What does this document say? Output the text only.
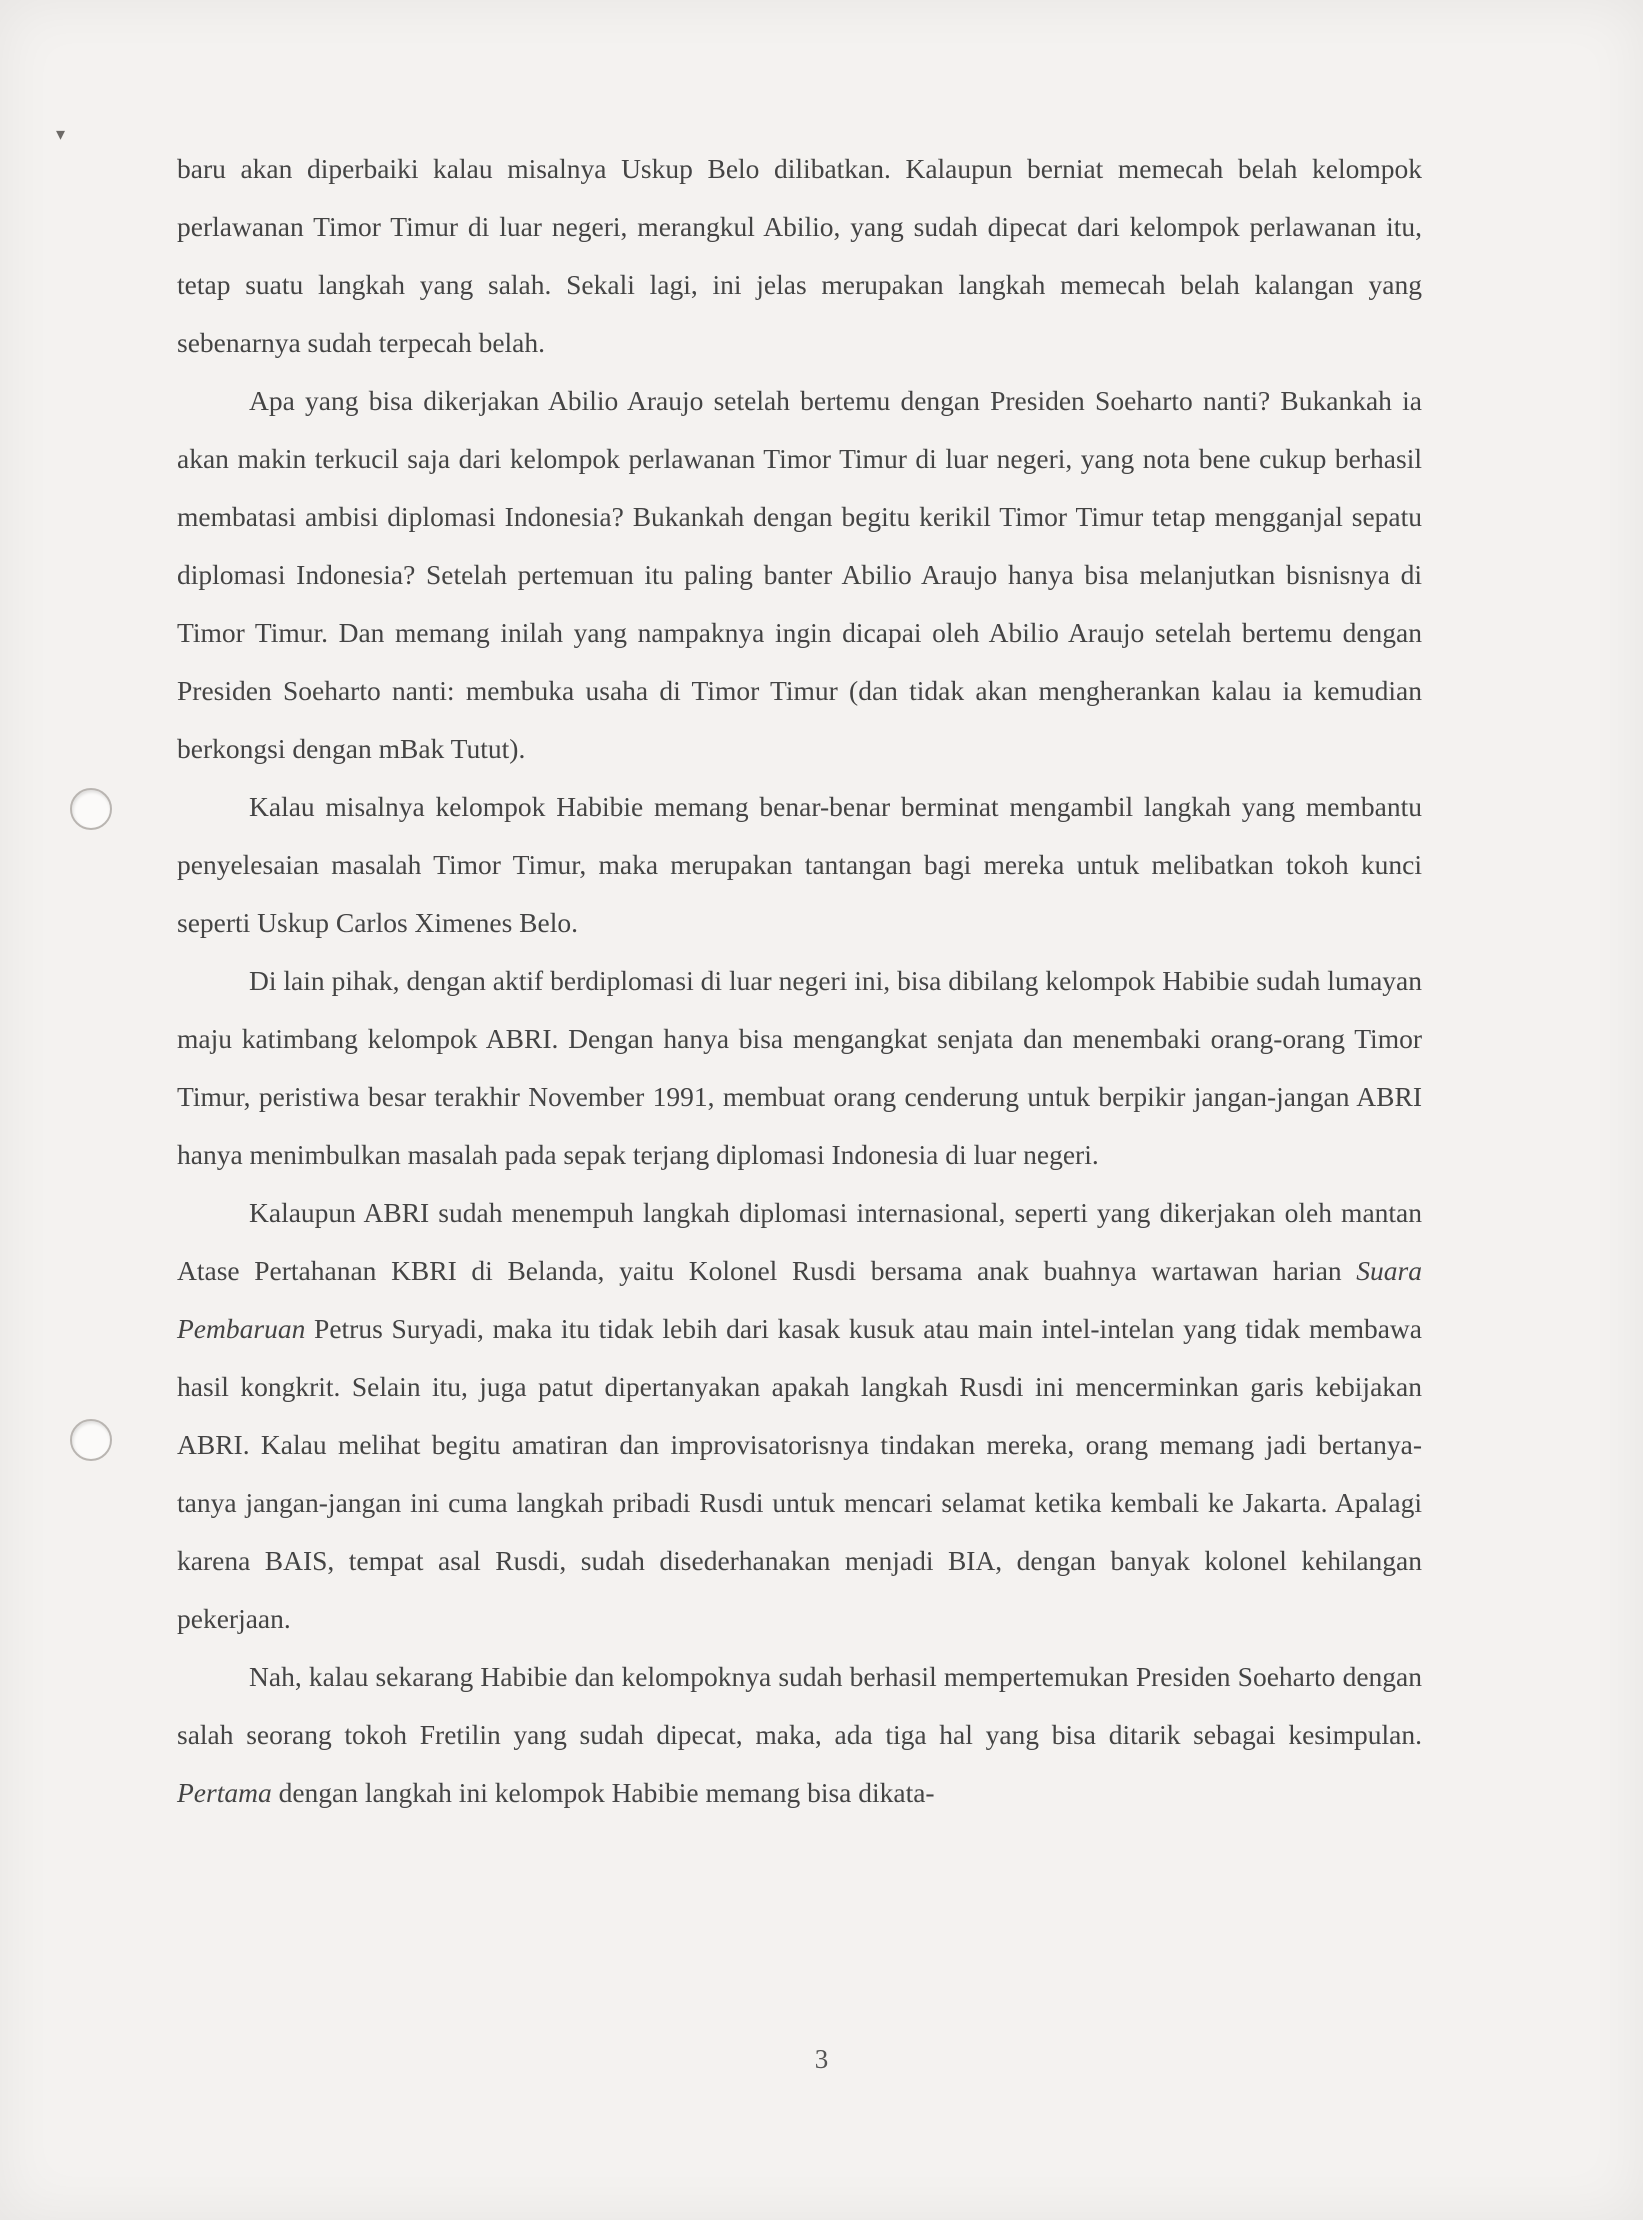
▾

baru akan diperbaiki kalau misalnya Uskup Belo dilibatkan. Kalaupun berniat memecah belah kelompok perlawanan Timor Timur di luar negeri, merangkul Abilio, yang sudah dipecat dari kelompok perlawanan itu, tetap suatu langkah yang salah. Sekali lagi, ini jelas merupakan langkah memecah belah kalangan yang sebenarnya sudah terpecah belah.

Apa yang bisa dikerjakan Abilio Araujo setelah bertemu dengan Presiden Soeharto nanti? Bukankah ia akan makin terkucil saja dari kelompok perlawanan Timor Timur di luar negeri, yang nota bene cukup berhasil membatasi ambisi diplomasi Indonesia? Bukankah dengan begitu kerikil Timor Timur tetap mengganjal sepatu diplomasi Indonesia? Setelah pertemuan itu paling banter Abilio Araujo hanya bisa melanjutkan bisnisnya di Timor Timur. Dan memang inilah yang nampaknya ingin dicapai oleh Abilio Araujo setelah bertemu dengan Presiden Soeharto nanti: membuka usaha di Timor Timur (dan tidak akan mengherankan kalau ia kemudian berkongsi dengan mBak Tutut).

Kalau misalnya kelompok Habibie memang benar-benar berminat mengambil langkah yang membantu penyelesaian masalah Timor Timur, maka merupakan tantangan bagi mereka untuk melibatkan tokoh kunci seperti Uskup Carlos Ximenes Belo.

Di lain pihak, dengan aktif berdiplomasi di luar negeri ini, bisa dibilang kelompok Habibie sudah lumayan maju katimbang kelompok ABRI. Dengan hanya bisa mengangkat senjata dan menembaki orang-orang Timor Timur, peristiwa besar terakhir November 1991, membuat orang cenderung untuk berpikir jangan-jangan ABRI hanya menimbulkan masalah pada sepak terjang diplomasi Indonesia di luar negeri.

Kalaupun ABRI sudah menempuh langkah diplomasi internasional, seperti yang dikerjakan oleh mantan Atase Pertahanan KBRI di Belanda, yaitu Kolonel Rusdi bersama anak buahnya wartawan harian Suara Pembaruan Petrus Suryadi, maka itu tidak lebih dari kasak kusuk atau main intel-intelan yang tidak membawa hasil kongkrit. Selain itu, juga patut dipertanyakan apakah langkah Rusdi ini mencerminkan garis kebijakan ABRI. Kalau melihat begitu amatiran dan improvisatorisnya tindakan mereka, orang memang jadi bertanya-tanya jangan-jangan ini cuma langkah pribadi Rusdi untuk mencari selamat ketika kembali ke Jakarta. Apalagi karena BAIS, tempat asal Rusdi, sudah disederhanakan menjadi BIA, dengan banyak kolonel kehilangan pekerjaan.

Nah, kalau sekarang Habibie dan kelompoknya sudah berhasil mempertemukan Presiden Soeharto dengan salah seorang tokoh Fretilin yang sudah dipecat, maka, ada tiga hal yang bisa ditarik sebagai kesimpulan. Pertama dengan langkah ini kelompok Habibie memang bisa dikata-

3
